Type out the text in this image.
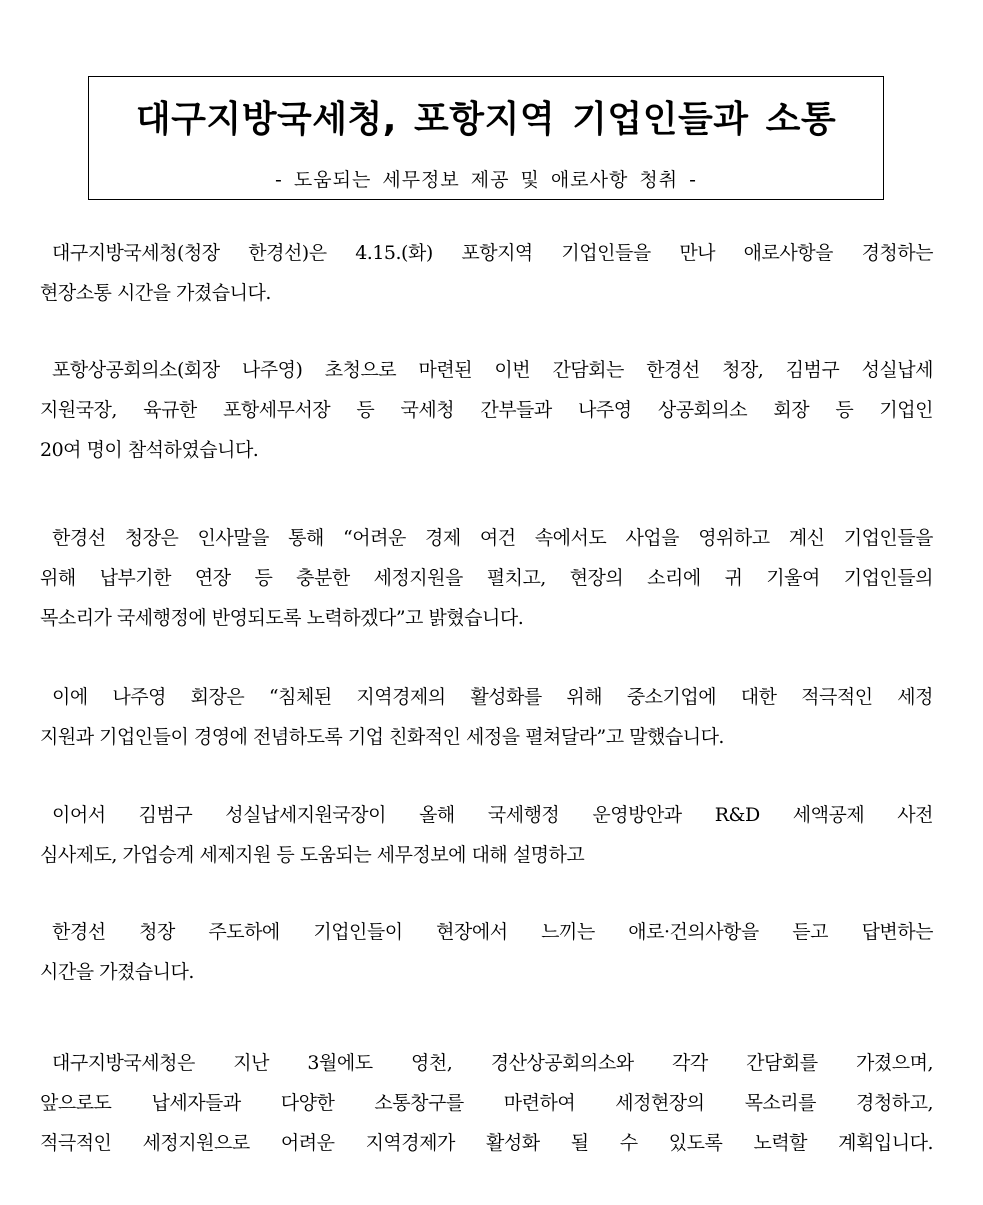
대구지방국세청, 포항지역 기업인들과 소통
- 도움되는 세무정보 제공 및 애로사항 청취 -
대구지방국세청(청장 한경선)은 4.15.(화) 포항지역 기업인들을 만나 애로사항을 경청하는
현장소통 시간을 가졌습니다.
포항상공회의소(회장 나주영) 초청으로 마련된 이번 간담회는 한경선 청장, 김범구 성실납세
지원국장, 육규한 포항세무서장 등 국세청 간부들과 나주영 상공회의소 회장 등 기업인
20여 명이 참석하였습니다.
한경선 청장은 인사말을 통해 “어려운 경제 여건 속에서도 사업을 영위하고 계신 기업인들을
위해 납부기한 연장 등 충분한 세정지원을 펼치고, 현장의 소리에 귀 기울여 기업인들의
목소리가 국세행정에 반영되도록 노력하겠다”고 밝혔습니다.
이에 나주영 회장은 “침체된 지역경제의 활성화를 위해 중소기업에 대한 적극적인 세정
지원과 기업인들이 경영에 전념하도록 기업 친화적인 세정을 펼쳐달라”고 말했습니다.
이어서 김범구 성실납세지원국장이 올해 국세행정 운영방안과 R&D 세액공제 사전
심사제도, 가업승계 세제지원 등 도움되는 세무정보에 대해 설명하고
한경선 청장 주도하에 기업인들이 현장에서 느끼는 애로·건의사항을 듣고 답변하는
시간을 가졌습니다.
대구지방국세청은 지난 3월에도 영천, 경산상공회의소와 각각 간담회를 가졌으며,
앞으로도 납세자들과 다양한 소통창구를 마련하여 세정현장의 목소리를 경청하고,
적극적인 세정지원으로 어려운 지역경제가 활성화 될 수 있도록 노력할 계획입니다.
